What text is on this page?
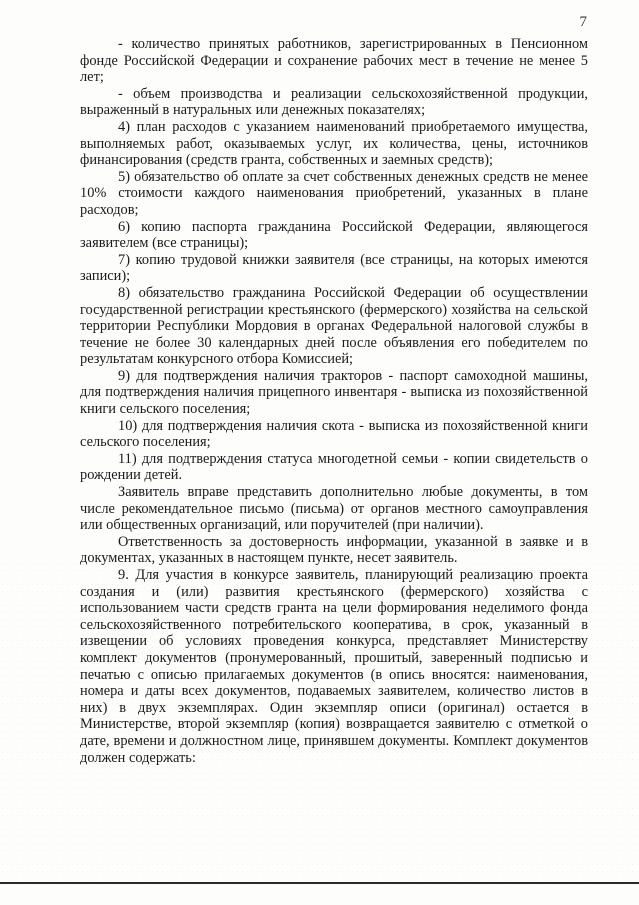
7

- количество принятых работников, зарегистрированных в Пенсионном фонде Российской Федерации и сохранение рабочих мест в течение не менее 5 лет;

- объем производства и реализации сельскохозяйственной продукции, выраженный в натуральных или денежных показателях;

4) план расходов с указанием наименований приобретаемого имущества, выполняемых работ, оказываемых услуг, их количества, цены, источников финансирования (средств гранта, собственных и заемных средств);

5) обязательство об оплате за счет собственных денежных средств не менее 10% стоимости каждого наименования приобретений, указанных в плане расходов;

6) копию паспорта гражданина Российской Федерации, являющегося заявителем (все страницы);

7) копию трудовой книжки заявителя (все страницы, на которых имеются записи);

8) обязательство гражданина Российской Федерации об осуществлении государственной регистрации крестьянского (фермерского) хозяйства на сельской территории Республики Мордовия в органах Федеральной налоговой службы в течение не более 30 календарных дней после объявления его победителем по результатам конкурсного отбора Комиссией;

9) для подтверждения наличия тракторов - паспорт самоходной машины, для подтверждения наличия прицепного инвентаря - выписка из похозяйственной книги сельского поселения;

10) для подтверждения наличия скота - выписка из похозяйственной книги сельского поселения;

11) для подтверждения статуса многодетной семьи - копии свидетельств о рождении детей.

Заявитель вправе представить дополнительно любые документы, в том числе рекомендательное письмо (письма) от органов местного самоуправления или общественных организаций, или поручителей (при наличии).

Ответственность за достоверность информации, указанной в заявке и в документах, указанных в настоящем пункте, несет заявитель.

9. Для участия в конкурсе заявитель, планирующий реализацию проекта создания и (или) развития крестьянского (фермерского) хозяйства с использованием части средств гранта на цели формирования неделимого фонда сельскохозяйственного потребительского кооператива, в срок, указанный в извещении об условиях проведения конкурса, представляет Министерству комплект документов (пронумерованный, прошитый, заверенный подписью и печатью с описью прилагаемых документов (в опись вносятся: наименования, номера и даты всех документов, подаваемых заявителем, количество листов в них) в двух экземплярах. Один экземпляр описи (оригинал) остается в Министерстве, второй экземпляр (копия) возвращается заявителю с отметкой о дате, времени и должностном лице, принявшем документы. Комплект документов должен содержать:
